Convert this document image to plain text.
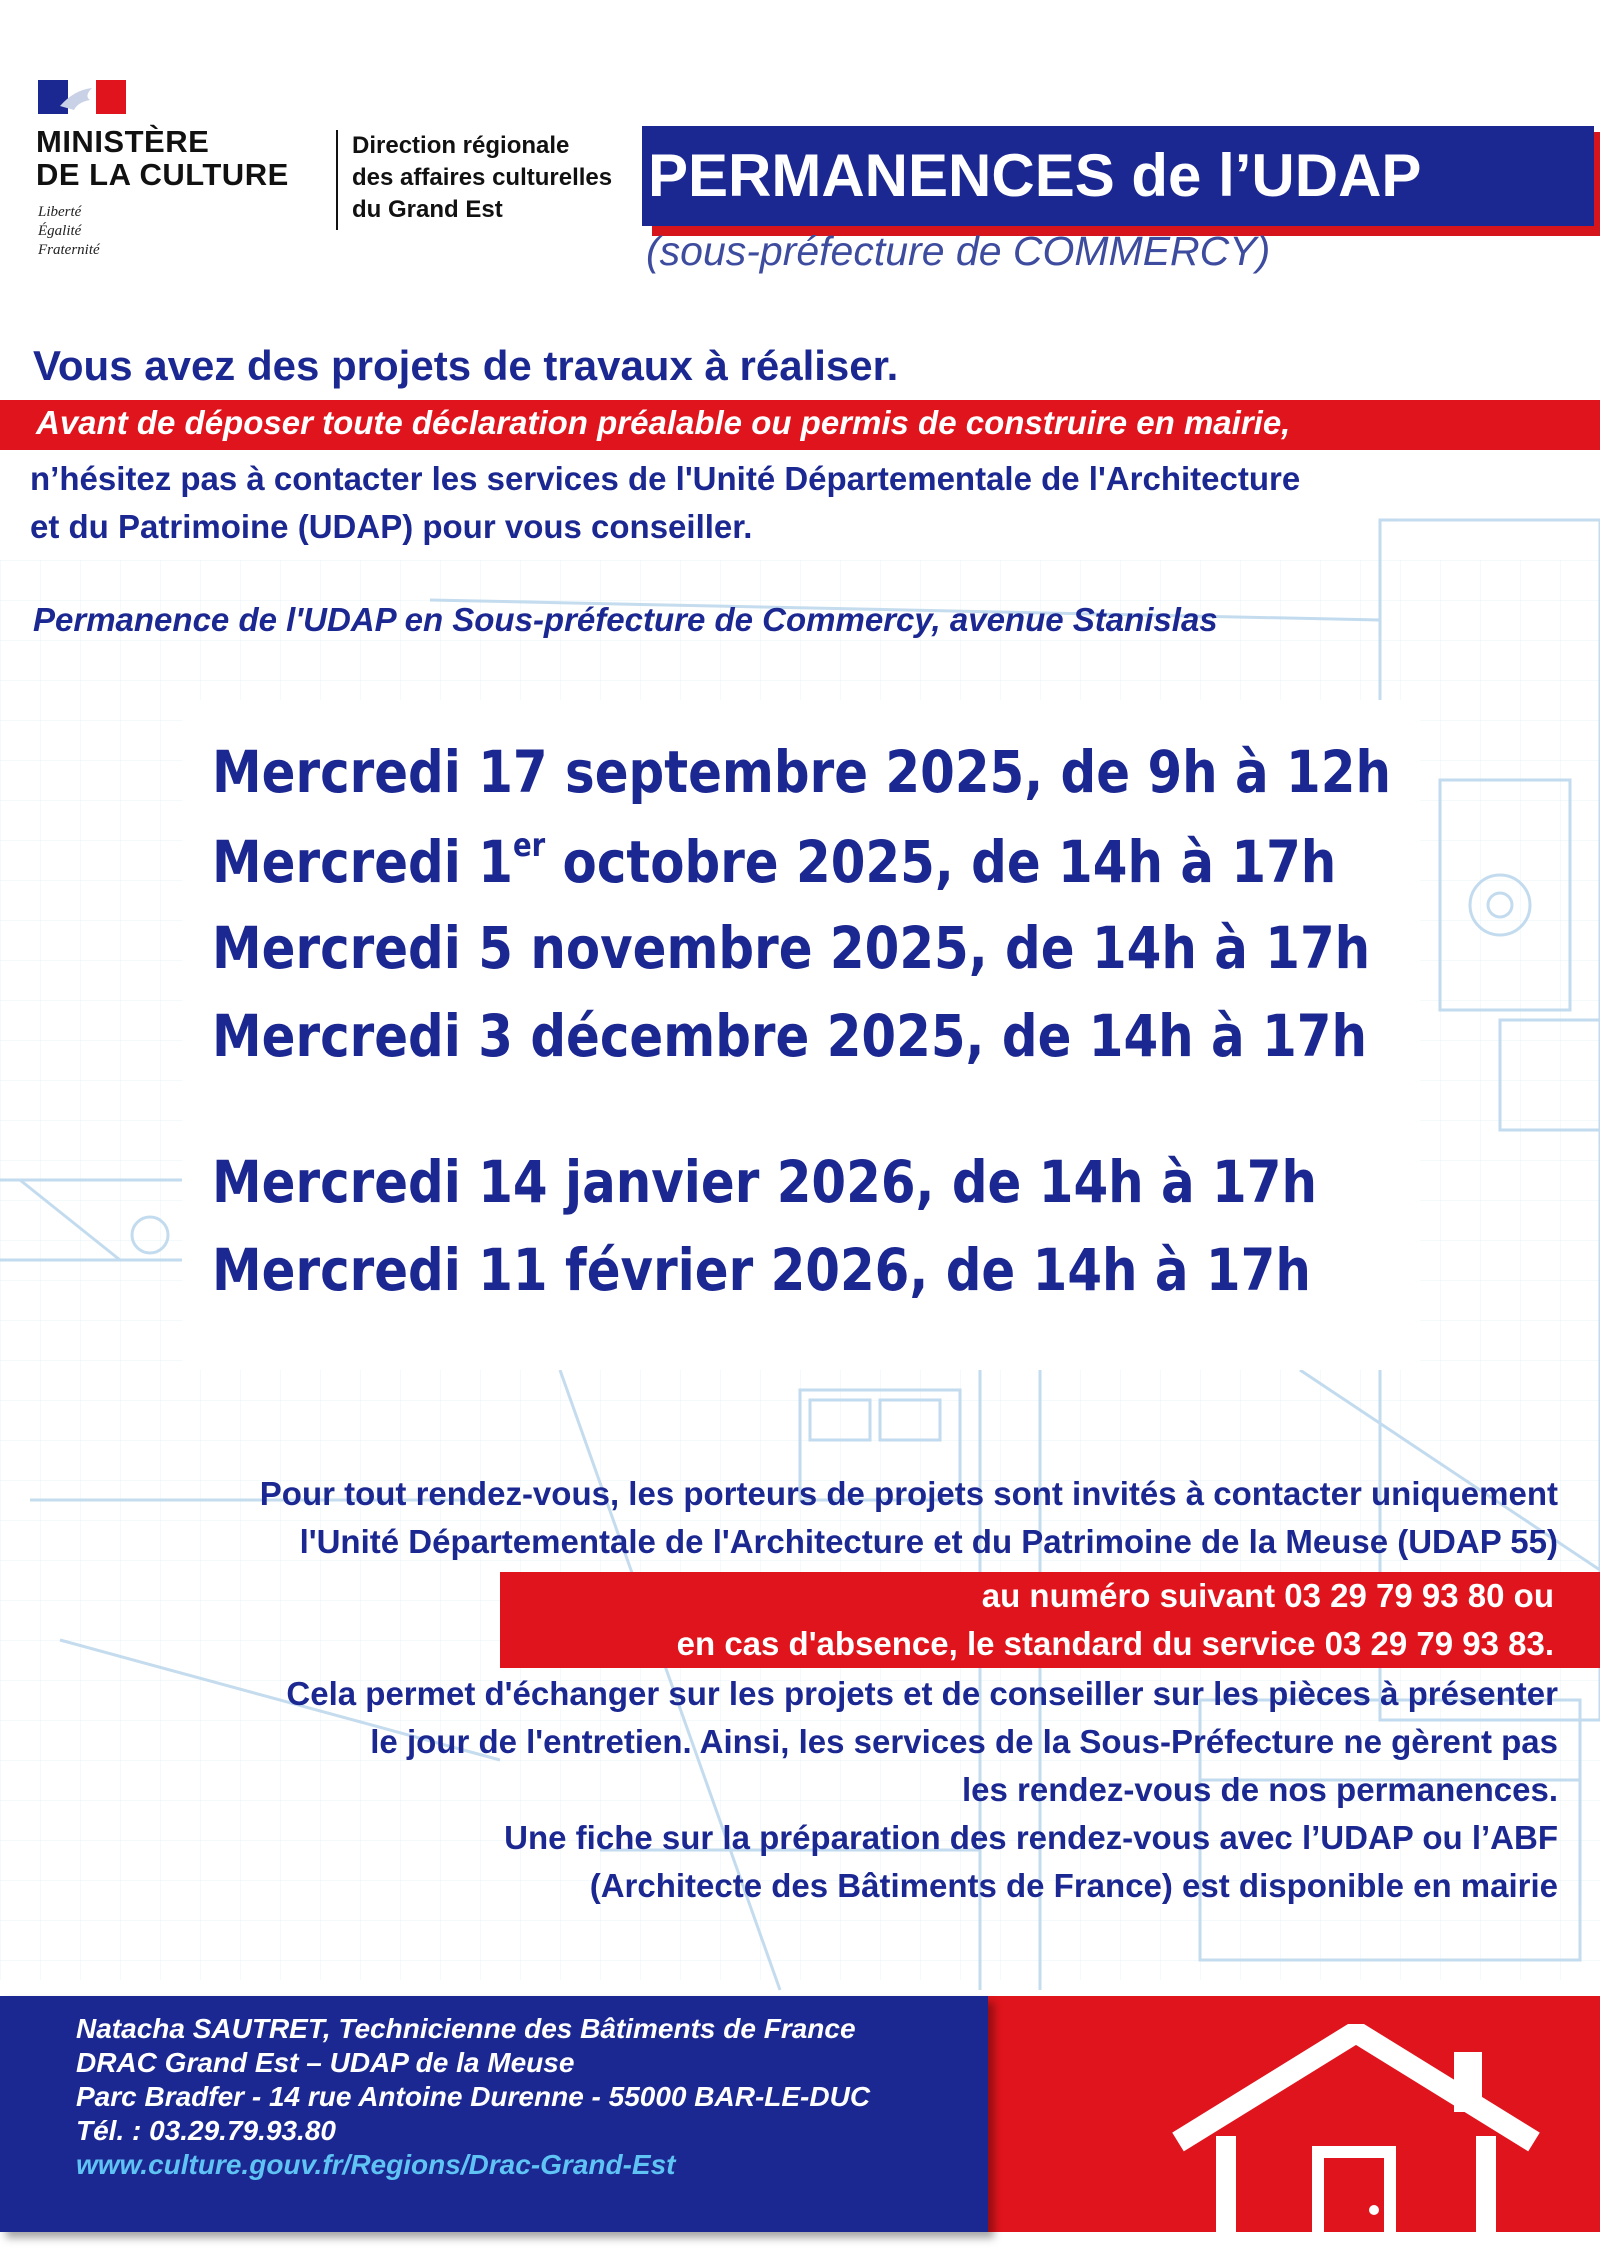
MINISTÈRE
DE LA CULTURE
Liberté
Égalité
Fraternité
Direction régionale
des affaires culturelles
du Grand Est
PERMANENCES de l’UDAP
(sous-préfecture de COMMERCY)
Vous avez des projets de travaux à réaliser.
Avant de déposer toute déclaration préalable ou permis de construire en mairie,
n’hésitez pas à contacter les services de l'Unité Départementale de l'Architecture
et du Patrimoine (UDAP) pour vous conseiller.
Permanence de l'UDAP en Sous-préfecture de Commercy, avenue Stanislas
Mercredi 17 septembre 2025, de 9h à 12h
Mercredi 1er octobre 2025, de 14h à 17h
Mercredi 5 novembre 2025, de 14h à 17h
Mercredi 3 décembre 2025, de 14h à 17h
Mercredi 14 janvier 2026, de 14h à 17h
Mercredi 11 février 2026, de 14h à 17h
Pour tout rendez-vous, les porteurs de projets sont invités à contacter uniquement
l'Unité Départementale de l'Architecture et du Patrimoine de la Meuse (UDAP 55)
au numéro suivant 03 29 79 93 80 ou
en cas d'absence, le standard du service 03 29 79 93 83.
Cela permet d'échanger sur les projets et de conseiller sur les pièces à présenter
le jour de l'entretien. Ainsi, les services de la Sous-Préfecture ne gèrent pas
les rendez-vous de nos permanences.
Une fiche sur la préparation des rendez-vous avec l’UDAP ou l’ABF
(Architecte des Bâtiments de France) est disponible en mairie
Natacha SAUTRET, Technicienne des Bâtiments de France
DRAC Grand Est – UDAP de la Meuse
Parc Bradfer - 14 rue Antoine Durenne - 55000 BAR-LE-DUC
Tél. : 03.29.79.93.80
www.culture.gouv.fr/Regions/Drac-Grand-Est
